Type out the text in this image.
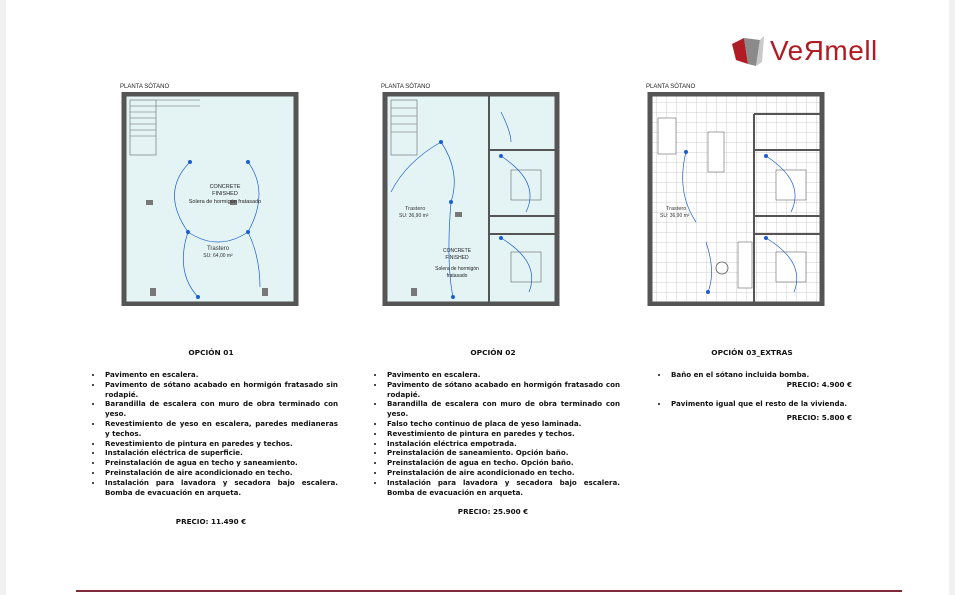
VeЯmell
PLANTA SÓTANO
CONCRETE
FINISHED
Solera de hormigón fratasado
Trastero
SU: 64,00 m²
PLANTA SÓTANO
Trastero
SU: 36,90 m²
CONCRETE
FINISHED
Solera de hormigón
fratasado
PLANTA SÓTANO
Trastero
SU: 36,90 m²
OPCIÓN 01
• Pavimento en escalera.
• Pavimento de sótano acabado en hormigón fratasado sin rodapié.
• Barandilla de escalera con muro de obra terminado con yeso.
• Revestimiento de yeso en escalera, paredes medianeras y techos.
• Revestimiento de pintura en paredes y techos.
• Instalación eléctrica de superficie.
• Preinstalación de agua en techo y saneamiento.
• Preinstalación de aire acondicionado en techo.
• Instalación para lavadora y secadora bajo escalera. Bomba de evacuación en arqueta.
PRECIO: 11.490 €
OPCIÓN 02
• Pavimento en escalera.
• Pavimento de sótano acabado en hormigón fratasado con rodapié.
• Barandilla de escalera con muro de obra terminado con yeso.
• Falso techo continuo de placa de yeso laminada.
• Revestimiento de pintura en paredes y techos.
• Instalación eléctrica empotrada.
• Preinstalación de saneamiento. Opción baño.
• Preinstalación de agua en techo. Opción baño.
• Preinstalación de aire acondicionado en techo.
• Instalación para lavadora y secadora bajo escalera. Bomba de evacuación en arqueta.
PRECIO: 25.900 €
OPCIÓN 03_EXTRAS
• Baño en el sótano incluida bomba.
PRECIO: 4.900 €
• Pavimento igual que el resto de la vivienda.
PRECIO: 5.800 €
